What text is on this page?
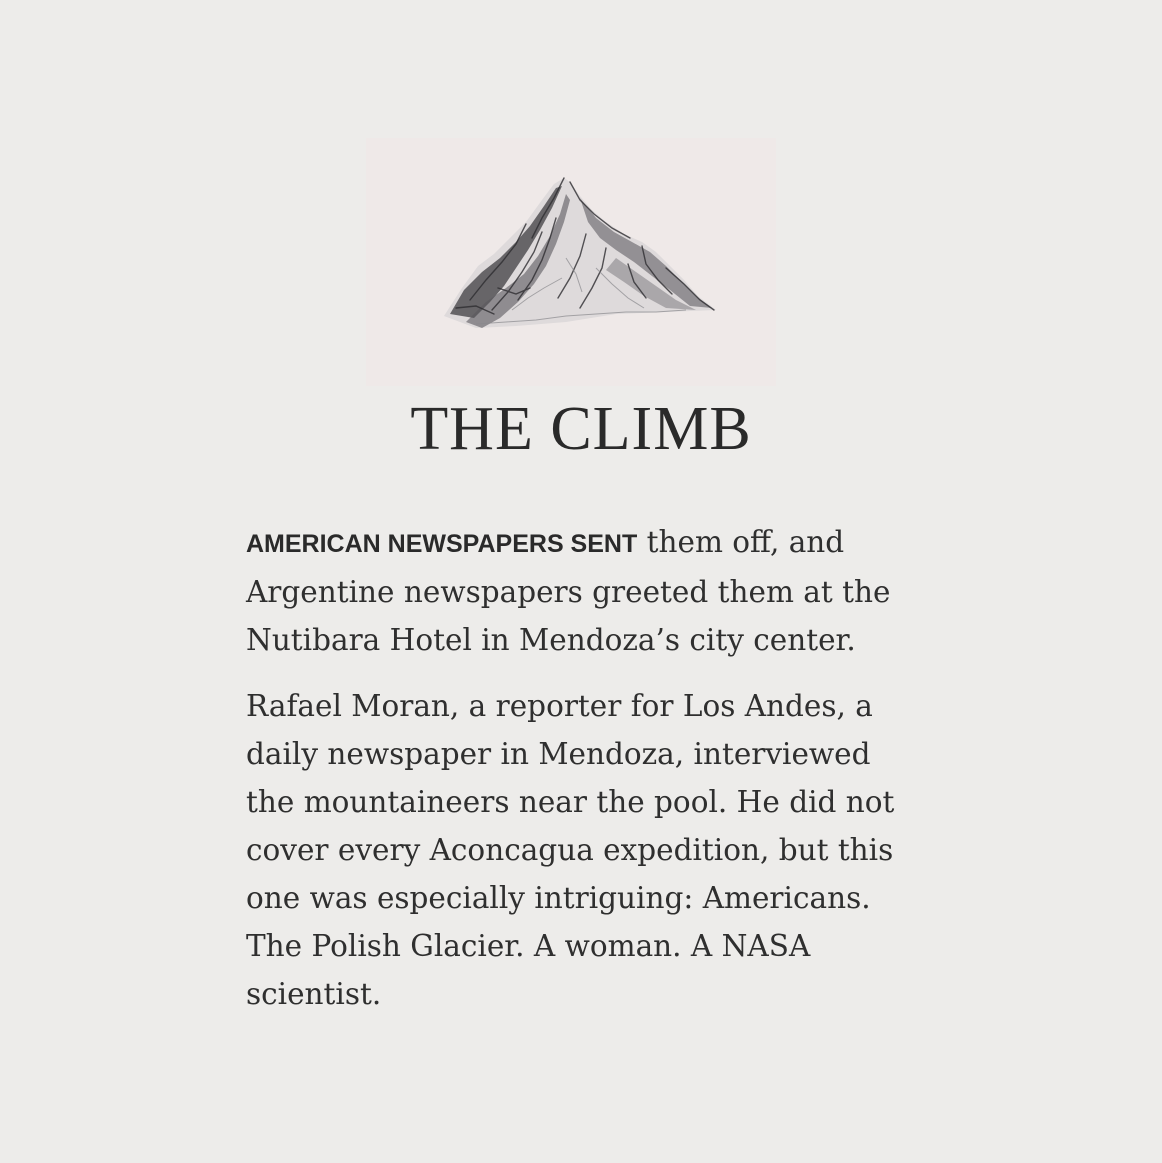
THE CLIMB

AMERICAN NEWSPAPERS SENT them off, and Argentine newspapers greeted them at the Nutibara Hotel in Mendoza’s city center.

Rafael Moran, a reporter for Los Andes, a daily newspaper in Mendoza, interviewed the mountaineers near the pool. He did not cover every Aconcagua expedition, but this one was especially intriguing: Americans. The Polish Glacier. A woman. A NASA scientist.
